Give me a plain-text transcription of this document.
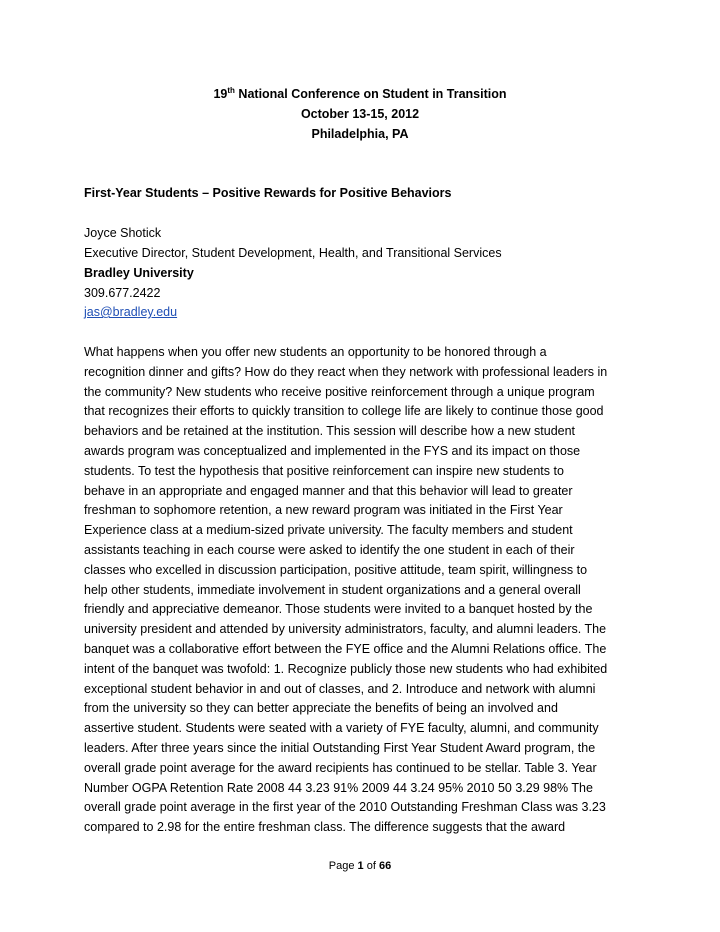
19th National Conference on Student in Transition
October 13-15, 2012
Philadelphia, PA
First-Year Students – Positive Rewards for Positive Behaviors
Joyce Shotick
Executive Director, Student Development, Health, and Transitional Services
Bradley University
309.677.2422
jas@bradley.edu
What happens when you offer new students an opportunity to be honored through a
recognition dinner and gifts? How do they react when they network with professional leaders in
the community? New students who receive positive reinforcement through a unique program
that recognizes their efforts to quickly transition to college life are likely to continue those good
behaviors and be retained at the institution. This session will describe how a new student
awards program was conceptualized and implemented in the FYS and its impact on those
students. To test the hypothesis that positive reinforcement can inspire new students to
behave in an appropriate and engaged manner and that this behavior will lead to greater
freshman to sophomore retention, a new reward program was initiated in the First Year
Experience class at a medium-sized private university. The faculty members and student
assistants teaching in each course were asked to identify the one student in each of their
classes who excelled in discussion participation, positive attitude, team spirit, willingness to
help other students, immediate involvement in student organizations and a general overall
friendly and appreciative demeanor. Those students were invited to a banquet hosted by the
university president and attended by university administrators, faculty, and alumni leaders. The
banquet was a collaborative effort between the FYE office and the Alumni Relations office. The
intent of the banquet was twofold: 1. Recognize publicly those new students who had exhibited
exceptional student behavior in and out of classes, and 2. Introduce and network with alumni
from the university so they can better appreciate the benefits of being an involved and
assertive student. Students were seated with a variety of FYE faculty, alumni, and community
leaders. After three years since the initial Outstanding First Year Student Award program, the
overall grade point average for the award recipients has continued to be stellar. Table 3. Year
Number OGPA Retention Rate 2008 44 3.23 91% 2009 44 3.24 95% 2010 50 3.29 98% The
overall grade point average in the first year of the 2010 Outstanding Freshman Class was 3.23
compared to 2.98 for the entire freshman class. The difference suggests that the award
Page 1 of 66
